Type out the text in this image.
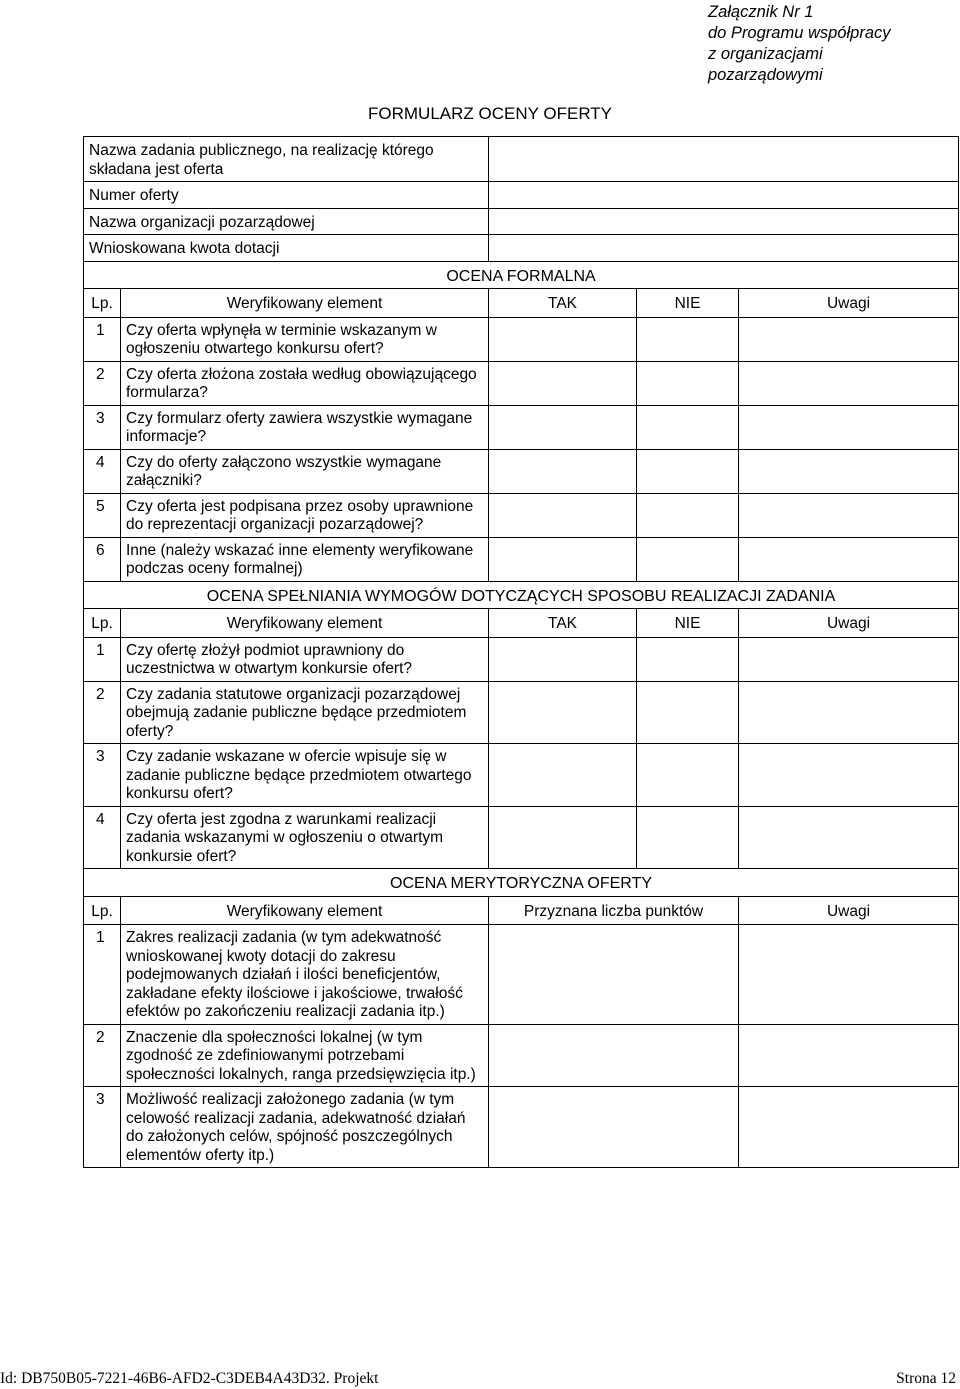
Załącznik Nr 1
do Programu współpracy
z organizacjami
pozarządowymi
FORMULARZ OCENY OFERTY
Nazwa zadania publicznego, na realizację którego składana jest oferta				
Numer oferty				
Nazwa organizacji pozarządowej				
Wnioskowana kwota dotacji				
OCENA FORMALNA				
Lp.	Weryfikowany element	TAK	NIE	Uwagi
1	Czy oferta wpłynęła w terminie wskazanym w ogłoszeniu otwartego konkursu ofert?			
2	Czy oferta złożona została według obowiązującego formularza?			
3	Czy formularz oferty zawiera wszystkie wymagane informacje?			
4	Czy do oferty załączono wszystkie wymagane załączniki?			
5	Czy oferta jest podpisana przez osoby uprawnione do reprezentacji organizacji pozarządowej?			
6	Inne (należy wskazać inne elementy weryfikowane podczas oceny formalnej)			
OCENA SPEŁNIANIA WYMOGÓW DOTYCZĄCYCH SPOSOBU REALIZACJI ZADANIA				
Lp.	Weryfikowany element	TAK	NIE	Uwagi
1	Czy ofertę złożył podmiot uprawniony do uczestnictwa w otwartym konkursie ofert?			
2	Czy zadania statutowe organizacji pozarządowej obejmują zadanie publiczne będące przedmiotem oferty?			
3	Czy zadanie wskazane w ofercie wpisuje się w zadanie publiczne będące przedmiotem otwartego konkursu ofert?			
4	Czy oferta jest zgodna z warunkami realizacji zadania wskazanymi w ogłoszeniu o otwartym konkursie ofert?			
OCENA MERYTORYCZNA OFERTY				
Lp.	Weryfikowany element	Przyznana liczba punktów		Uwagi
1	Zakres realizacji zadania (w tym adekwatność wnioskowanej kwoty dotacji do zakresu podejmowanych działań i ilości beneficjentów, zakładane efekty ilościowe i jakościowe, trwałość efektów po zakończeniu realizacji zadania itp.)			
2	Znaczenie dla społeczności lokalnej (w tym zgodność ze zdefiniowanymi potrzebami społeczności lokalnych, ranga przedsięwzięcia itp.)			
3	Możliwość realizacji założonego zadania (w tym celowość realizacji zadania, adekwatność działań do założonych celów, spójność poszczególnych elementów oferty itp.)			
Id: DB750B05-7221-46B6-AFD2-C3DEB4A43D32. Projekt	Strona 12
